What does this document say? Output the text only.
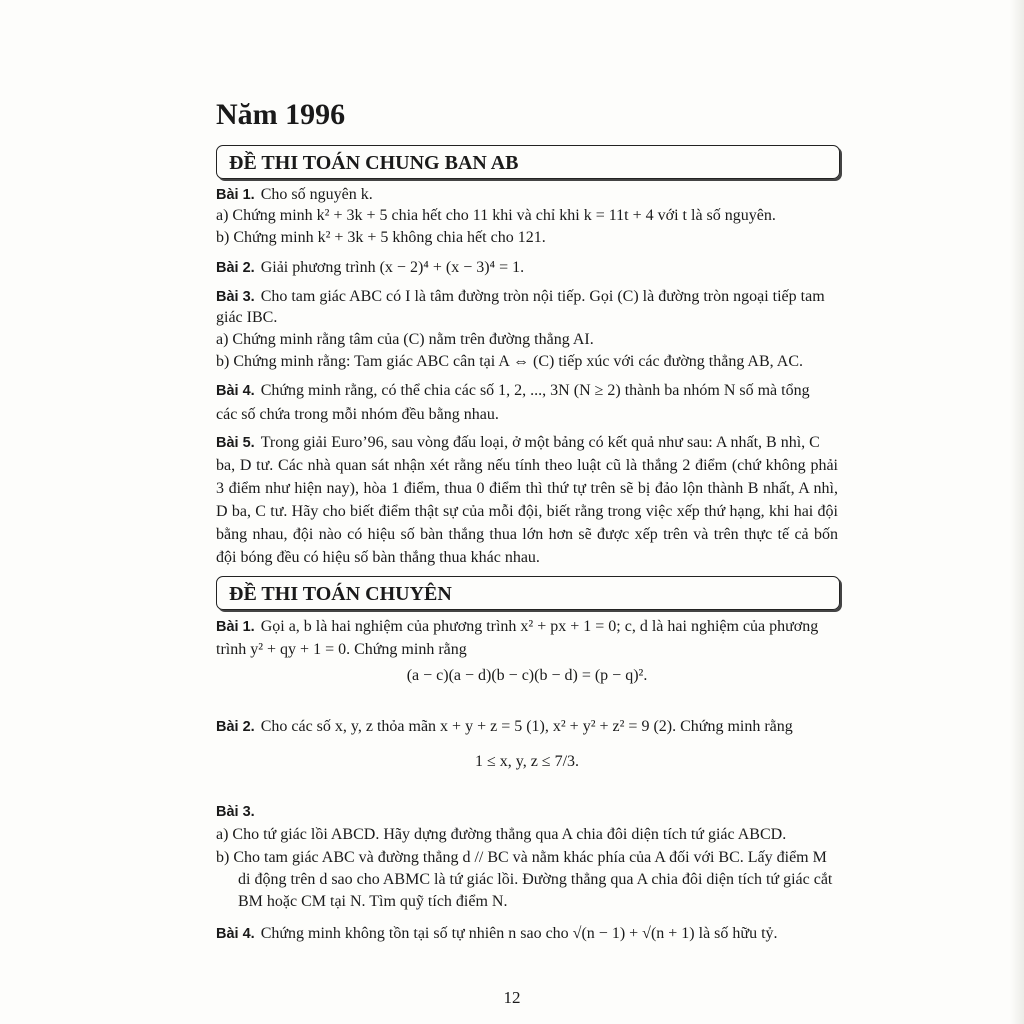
Năm 1996
ĐỀ THI TOÁN CHUNG BAN AB
Bài 1. Cho số nguyên k.
a) Chứng minh k² + 3k + 5 chia hết cho 11 khi và chỉ khi k = 11t + 4 với t là số nguyên.
b) Chứng minh k² + 3k + 5 không chia hết cho 121.
Bài 2. Giải phương trình (x − 2)⁴ + (x − 3)⁴ = 1.
Bài 3. Cho tam giác ABC có I là tâm đường tròn nội tiếp. Gọi (C) là đường tròn ngoại tiếp tam
giác IBC.
a) Chứng minh rằng tâm của (C) nằm trên đường thẳng AI.
b) Chứng minh rằng: Tam giác ABC cân tại A ⇔ (C) tiếp xúc với các đường thẳng AB, AC.
Bài 4. Chứng minh rằng, có thể chia các số 1, 2, ..., 3N (N ≥ 2) thành ba nhóm N số mà tổng
các số chứa trong mỗi nhóm đều bằng nhau.
Bài 5. Trong giải Euro’96, sau vòng đấu loại, ở một bảng có kết quả như sau: A nhất, B nhì, C
ba, D tư. Các nhà quan sát nhận xét rằng nếu tính theo luật cũ là thắng 2 điểm (chứ không phải
3 điểm như hiện nay), hòa 1 điểm, thua 0 điểm thì thứ tự trên sẽ bị đảo lộn thành B nhất, A nhì,
D ba, C tư. Hãy cho biết điểm thật sự của mỗi đội, biết rằng trong việc xếp thứ hạng, khi hai đội
bằng nhau, đội nào có hiệu số bàn thắng thua lớn hơn sẽ được xếp trên và trên thực tế cả bốn
đội bóng đều có hiệu số bàn thắng thua khác nhau.
ĐỀ THI TOÁN CHUYÊN
Bài 1. Gọi a, b là hai nghiệm của phương trình x² + px + 1 = 0; c, d là hai nghiệm của phương
trình y² + qy + 1 = 0. Chứng minh rằng
(a − c)(a − d)(b − c)(b − d) = (p − q)².
Bài 2. Cho các số x, y, z thỏa mãn x + y + z = 5 (1), x² + y² + z² = 9 (2). Chứng minh rằng
1 ≤ x, y, z ≤ 7/3.
Bài 3.
a) Cho tứ giác lồi ABCD. Hãy dựng đường thẳng qua A chia đôi diện tích tứ giác ABCD.
b) Cho tam giác ABC và đường thẳng d // BC và nằm khác phía của A đối với BC. Lấy điểm M
di động trên d sao cho ABMC là tứ giác lồi. Đường thẳng qua A chia đôi diện tích tứ giác cắt
BM hoặc CM tại N. Tìm quỹ tích điểm N.
Bài 4. Chứng minh không tồn tại số tự nhiên n sao cho √(n − 1) + √(n + 1) là số hữu tỷ.
12
